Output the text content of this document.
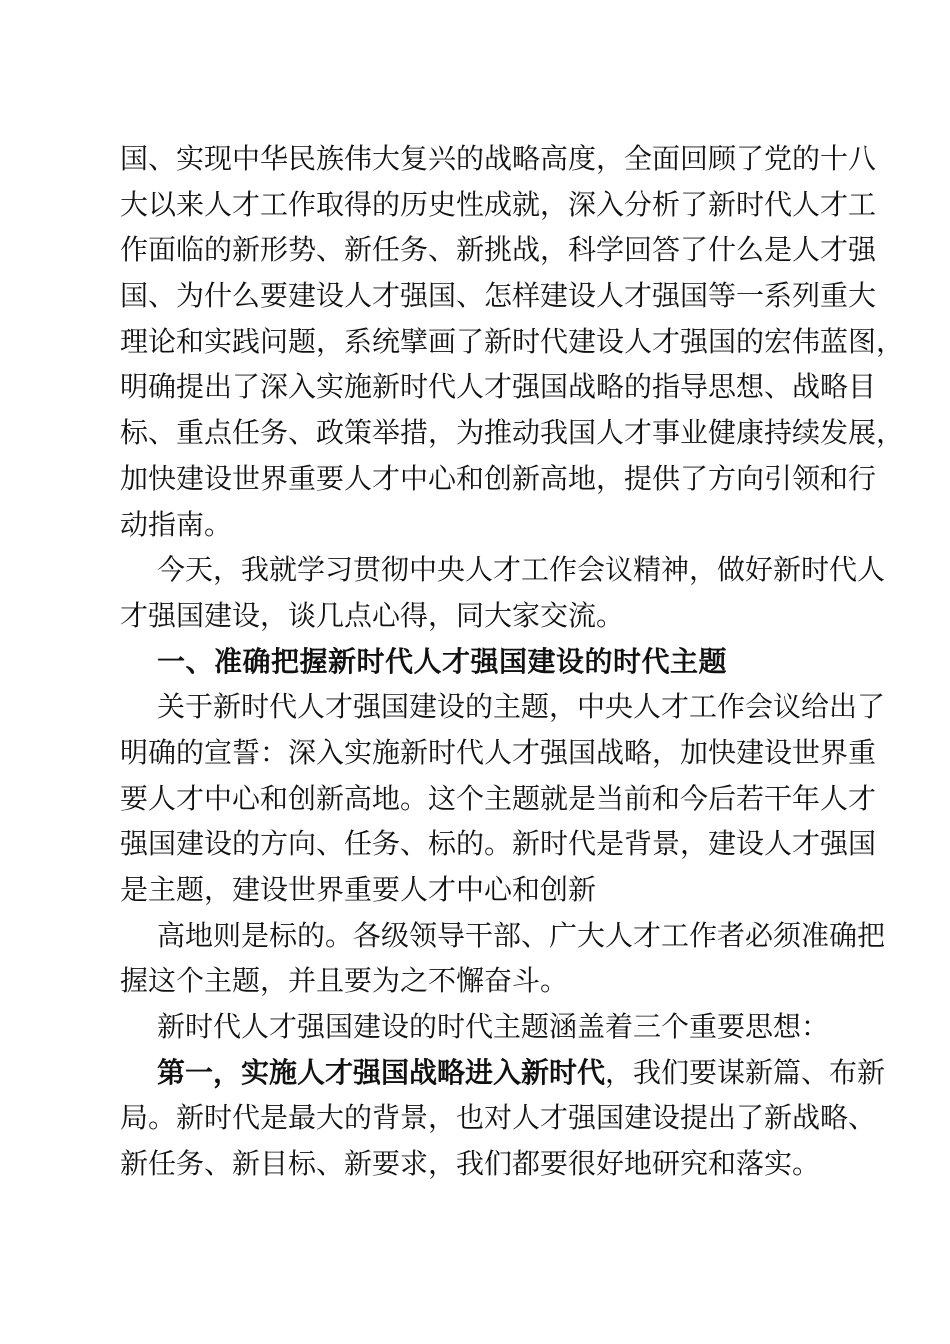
国、实现中华民族伟大复兴的战略高度，全面回顾了党的十八
大以来人才工作取得的历史性成就，深入分析了新时代人才工
作面临的新形势、新任务、新挑战，科学回答了什么是人才强
国、为什么要建设人才强国、怎样建设人才强国等一系列重大
理论和实践问题，系统擘画了新时代建设人才强国的宏伟蓝图，
明确提出了深入实施新时代人才强国战略的指导思想、战略目
标、重点任务、政策举措，为推动我国人才事业健康持续发展，
加快建设世界重要人才中心和创新高地，提供了方向引领和行
动指南。
今天，我就学习贯彻中央人才工作会议精神，做好新时代人
才强国建设，谈几点心得，同大家交流。
一、准确把握新时代人才强国建设的时代主题
关于新时代人才强国建设的主题，中央人才工作会议给出了
明确的宣誓：深入实施新时代人才强国战略，加快建设世界重
要人才中心和创新高地。这个主题就是当前和今后若干年人才
强国建设的方向、任务、标的。新时代是背景，建设人才强国
是主题，建设世界重要人才中心和创新
高地则是标的。各级领导干部、广大人才工作者必须准确把
握这个主题，并且要为之不懈奋斗。
新时代人才强国建设的时代主题涵盖着三个重要思想：
第一，实施人才强国战略进入新时代，我们要谋新篇、布新
局。新时代是最大的背景，也对人才强国建设提出了新战略、
新任务、新目标、新要求，我们都要很好地研究和落实。
